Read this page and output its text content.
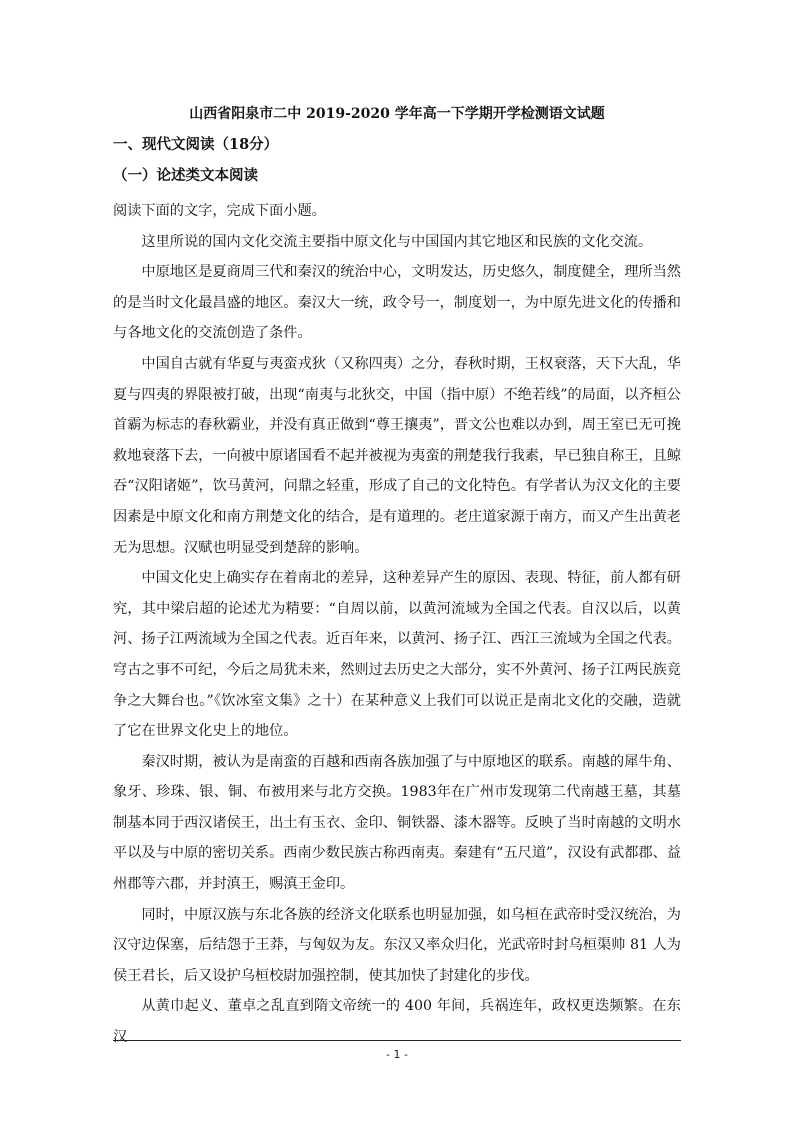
山西省阳泉市二中 2019-2020 学年高一下学期开学检测语文试题
一、现代文阅读（18分）
（一）论述类文本阅读

阅读下面的文字，完成下面小题。

这里所说的国内文化交流主要指中原文化与中国国内其它地区和民族的文化交流。

中原地区是夏商周三代和秦汉的统治中心，文明发达，历史悠久，制度健全，理所当然的是当时文化最昌盛的地区。秦汉大一统，政令号一，制度划一，为中原先进文化的传播和与各地文化的交流创造了条件。

中国自古就有华夏与夷蛮戎狄（又称四夷）之分，春秋时期，王权衰落，天下大乱，华夏与四夷的界限被打破，出现“南夷与北狄交，中国（指中原）不绝若线”的局面，以齐桓公首霸为标志的春秋霸业，并没有真正做到“尊王攘夷”，晋文公也难以办到，周王室已无可挽救地衰落下去，一向被中原诸国看不起并被视为夷蛮的荆楚我行我素，早已独自称王，且鲸吞“汉阳诸姬”，饮马黄河，问鼎之轻重，形成了自己的文化特色。有学者认为汉文化的主要因素是中原文化和南方荆楚文化的结合，是有道理的。老庄道家源于南方，而又产生出黄老无为思想。汉赋也明显受到楚辞的影响。

中国文化史上确实存在着南北的差异，这种差异产生的原因、表现、特征，前人都有研究，其中梁启超的论述尤为精要：“自周以前，以黄河流域为全国之代表。自汉以后，以黄河、扬子江两流域为全国之代表。近百年来，以黄河、扬子江、西江三流域为全国之代表。穹古之事不可纪，今后之局犹未来，然则过去历史之大部分，实不外黄河、扬子江两民族竞争之大舞台也。”《饮冰室文集》之十）在某种意义上我们可以说正是南北文化的交融，造就了它在世界文化史上的地位。

秦汉时期，被认为是南蛮的百越和西南各族加强了与中原地区的联系。南越的犀牛角、象牙、珍珠、银、铜、布被用来与北方交换。1983年在广州市发现第二代南越王墓，其墓制基本同于西汉诸侯王，出土有玉衣、金印、铜铁器、漆木器等。反映了当时南越的文明水平以及与中原的密切关系。西南少数民族古称西南夷。秦建有“五尺道”，汉设有武都郡、益州郡等六郡，并封滇王，赐滇王金印。

同时，中原汉族与东北各族的经济文化联系也明显加强，如乌桓在武帝时受汉统治，为汉守边保塞，后结怨于王莽，与匈奴为友。东汉又率众归化，光武帝时封乌桓渠帅 81 人为侯王君长，后又设护乌桓校尉加强控制，使其加快了封建化的步伐。

从黄巾起义、董卓之乱直到隋文帝统一的 400 年间，兵祸连年，政权更迭频繁。在东汉

- 1 -
